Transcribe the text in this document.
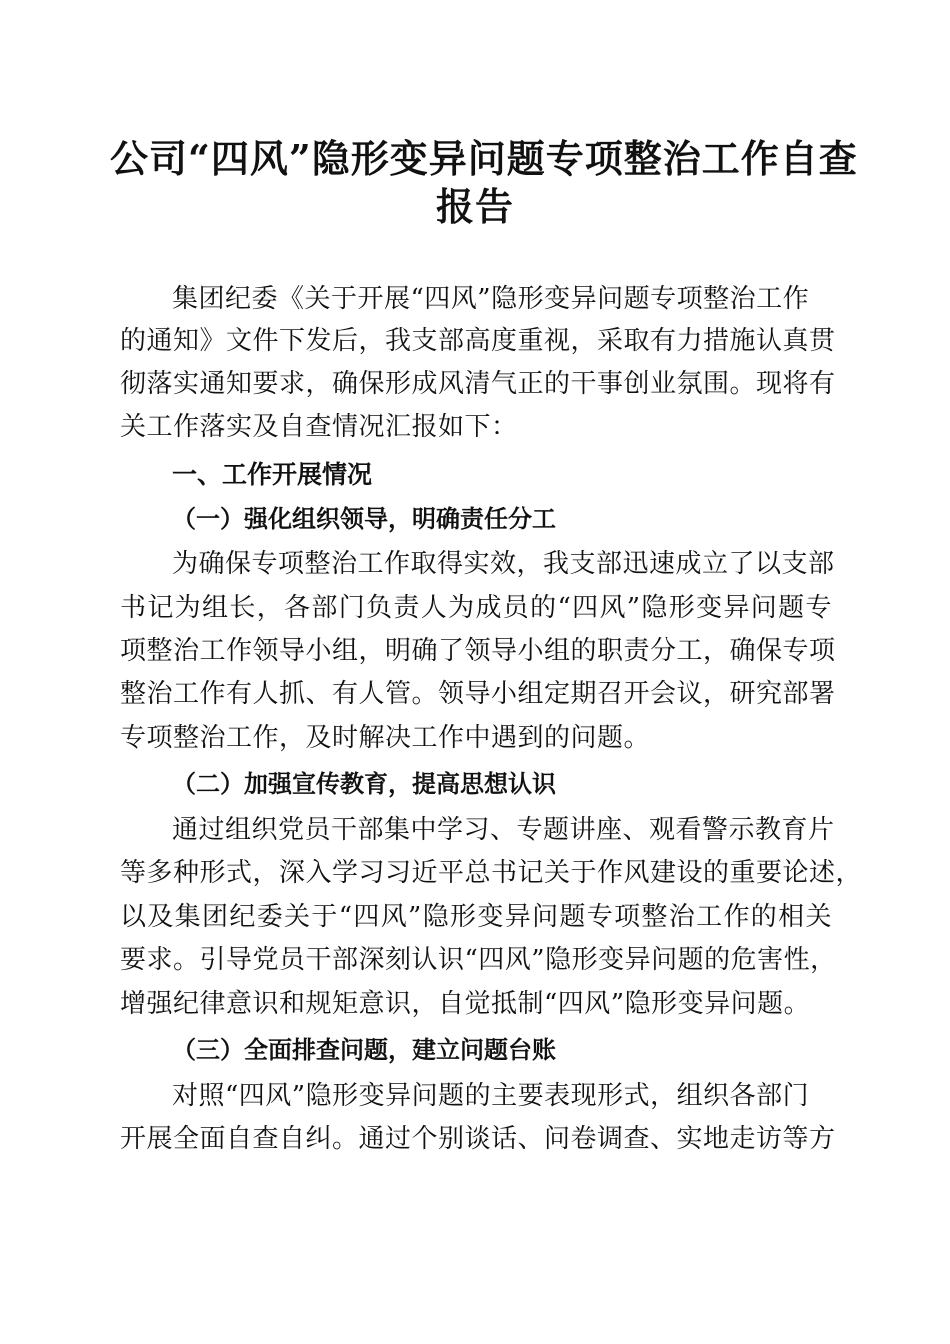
公司“四风”隐形变异问题专项整治工作自查
报告

集团纪委《关于开展“四风”隐形变异问题专项整治工作

的通知》文件下发后，我支部高度重视，采取有力措施认真贯

彻落实通知要求，确保形成风清气正的干事创业氛围。现将有

关工作落实及自查情况汇报如下：

一、工作开展情况
（一）强化组织领导，明确责任分工

为确保专项整治工作取得实效，我支部迅速成立了以支部

书记为组长，各部门负责人为成员的“四风”隐形变异问题专

项整治工作领导小组，明确了领导小组的职责分工，确保专项

整治工作有人抓、有人管。领导小组定期召开会议，研究部署

专项整治工作，及时解决工作中遇到的问题。

（二）加强宣传教育，提高思想认识

通过组织党员干部集中学习、专题讲座、观看警示教育片

等多种形式，深入学习习近平总书记关于作风建设的重要论述，

以及集团纪委关于“四风”隐形变异问题专项整治工作的相关

要求。引导党员干部深刻认识“四风”隐形变异问题的危害性，

增强纪律意识和规矩意识，自觉抵制“四风”隐形变异问题。

（三）全面排查问题，建立问题台账

对照“四风”隐形变异问题的主要表现形式，组织各部门

开展全面自查自纠。通过个别谈话、问卷调查、实地走访等方
